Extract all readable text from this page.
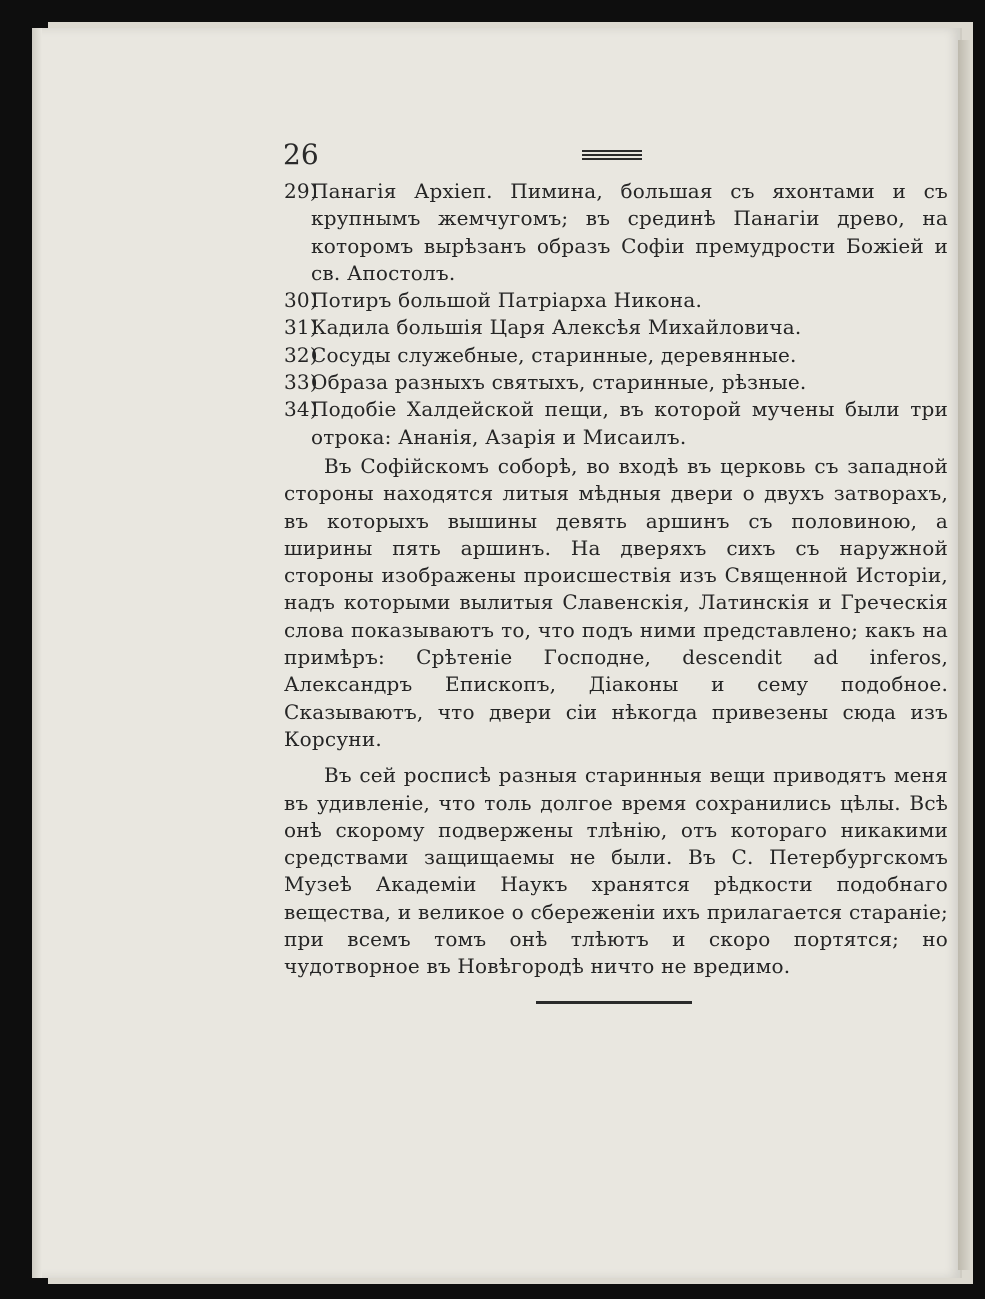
26
29)
Панагія Архіеп. Пимина, большая съ яхонтами и съ крупнымъ жемчугомъ; въ срединѣ Панагіи древо, на которомъ вырѣзанъ образъ Софіи премудрости Божіей и св. Апостолъ.
30)
Потиръ большой Патріарха Никона.
31)
Кадила большія Царя Алексѣя Михайловича.
32)
Сосуды служебные, старинные, деревянные.
33)
Образа разныхъ святыхъ, старинные, рѣзные.
34)
Подобіе Халдейской пещи, въ которой мучены были три отрока: Ананія, Азарія и Мисаилъ.

Въ Софійскомъ соборѣ, во входѣ въ церковь съ западной стороны находятся литыя мѣдныя двери о двухъ затворахъ, въ которыхъ вышины девять аршинъ съ половиною, а ширины пять аршинъ. На дверяхъ сихъ съ наружной стороны изображены происшествія изъ Священной Исторіи, надъ которыми вылитыя Славенскія, Латинскія и Греческія слова показываютъ то, что подъ ними представлено; какъ на примѣръ: Срѣтеніе Господне, descendit ad inferos, Александръ Епископъ, Діаконы и сему подобное. Сказываютъ, что двери сіи нѣкогда привезены сюда изъ Корсуни.

Въ сей росписѣ разныя старинныя вещи приводятъ меня въ удивленіе, что толь долгое время сохранились цѣлы. Всѣ онѣ скорому подвержены тлѣнію, отъ котораго никакими средствами защищаемы не были. Въ С. Петербургскомъ Музеѣ Академіи Наукъ хранятся рѣдкости подобнаго вещества, и великое о сбереженіи ихъ прилагается стараніе; при всемъ томъ онѣ тлѣютъ и скоро портятся; но чудотворное въ Новѣгородѣ ничто не вредимо.
